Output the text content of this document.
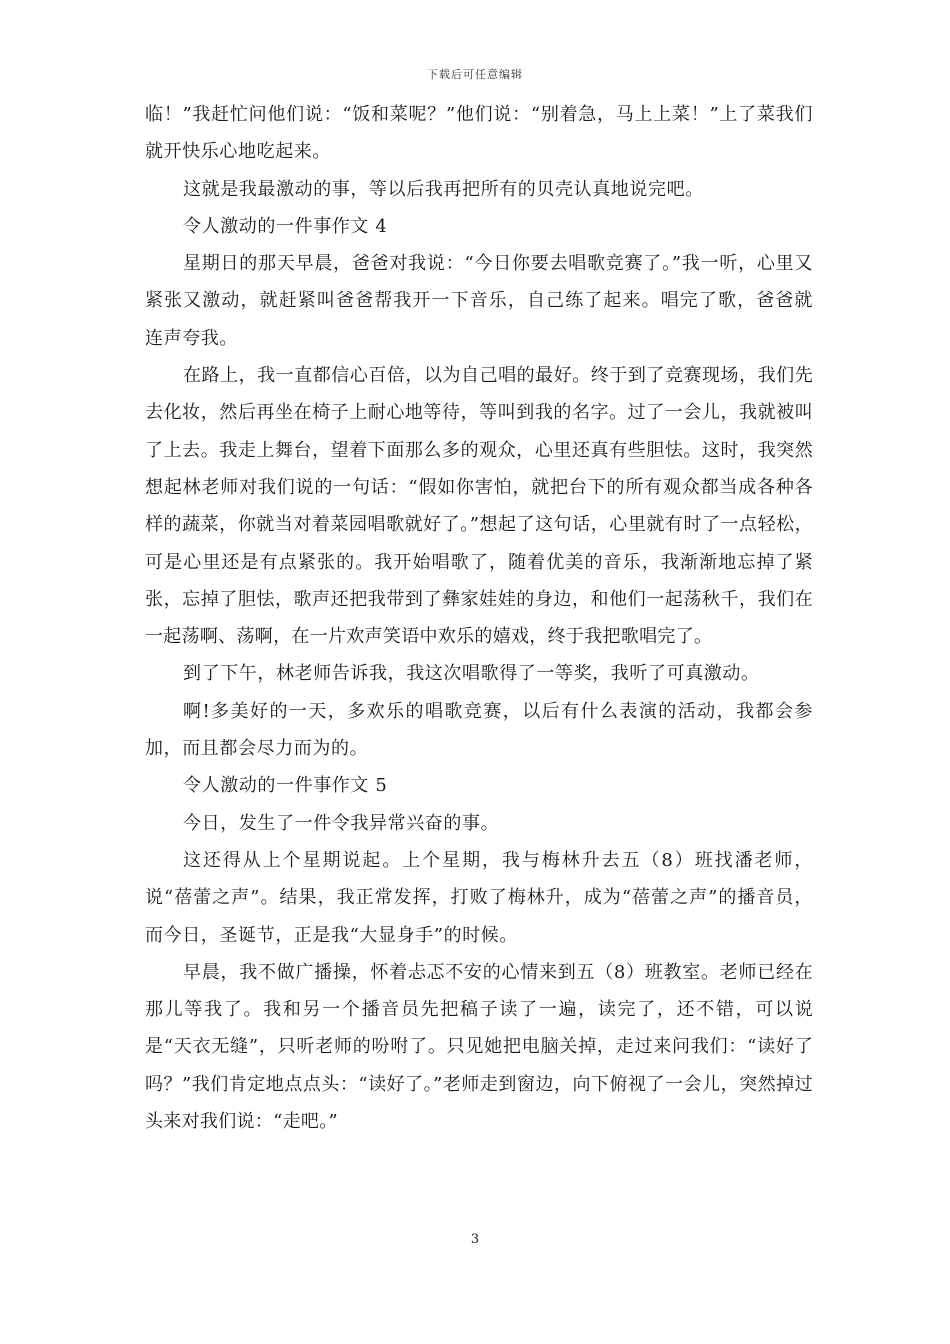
下载后可任意编辑

临！”我赶忙问他们说：“饭和菜呢？”他们说：“别着急，马上上菜！”上了菜我们就开快乐心地吃起来。

这就是我最激动的事，等以后我再把所有的贝壳认真地说完吧。

令人激动的一件事作文 4

星期日的那天早晨，爸爸对我说：“今日你要去唱歌竞赛了。”我一听，心里又紧张又激动，就赶紧叫爸爸帮我开一下音乐，自己练了起来。唱完了歌，爸爸就连声夸我。

在路上，我一直都信心百倍，以为自己唱的最好。终于到了竞赛现场，我们先去化妆，然后再坐在椅子上耐心地等待，等叫到我的名字。过了一会儿，我就被叫了上去。我走上舞台，望着下面那么多的观众，心里还真有些胆怯。这时，我突然想起林老师对我们说的一句话：“假如你害怕，就把台下的所有观众都当成各种各样的蔬菜，你就当对着菜园唱歌就好了。”想起了这句话，心里就有时了一点轻松，可是心里还是有点紧张的。我开始唱歌了，随着优美的音乐，我渐渐地忘掉了紧张，忘掉了胆怯，歌声还把我带到了彝家娃娃的身边，和他们一起荡秋千，我们在一起荡啊、荡啊，在一片欢声笑语中欢乐的嬉戏，终于我把歌唱完了。

到了下午，林老师告诉我，我这次唱歌得了一等奖，我听了可真激动。

啊!多美好的一天，多欢乐的唱歌竞赛，以后有什么表演的活动，我都会参加，而且都会尽力而为的。

令人激动的一件事作文 5

今日，发生了一件令我异常兴奋的事。

这还得从上个星期说起。上个星期，我与梅林升去五（8）班找潘老师，说“蓓蕾之声”。结果，我正常发挥，打败了梅林升，成为“蓓蕾之声”的播音员，而今日，圣诞节，正是我“大显身手”的时候。

早晨，我不做广播操，怀着忐忑不安的心情来到五（8）班教室。老师已经在那儿等我了。我和另一个播音员先把稿子读了一遍，读完了，还不错，可以说是“天衣无缝”，只听老师的吩咐了。只见她把电脑关掉，走过来问我们：“读好了吗？”我们肯定地点点头：“读好了。”老师走到窗边，向下俯视了一会儿，突然掉过头来对我们说：“走吧。”

3
